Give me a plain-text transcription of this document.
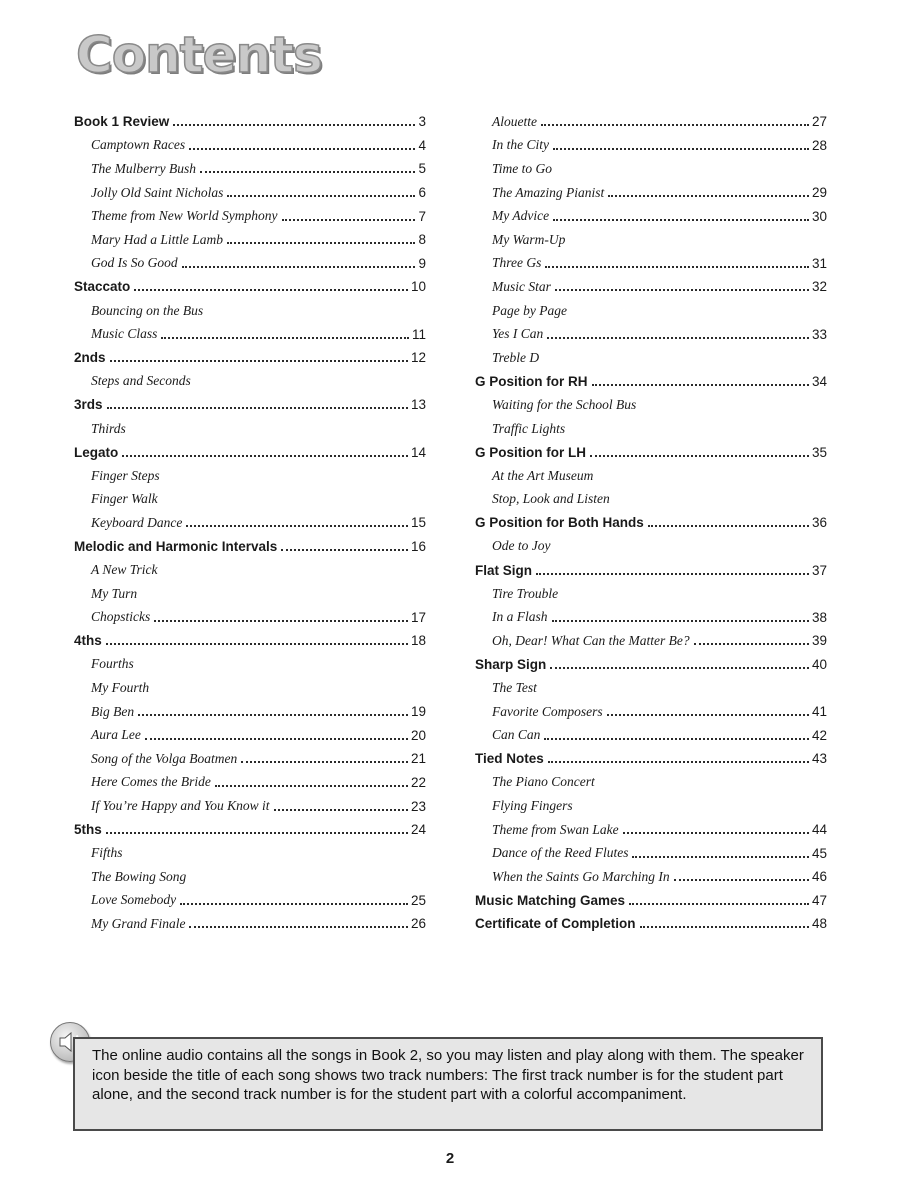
Contents
Book 1 Review	3
Camptown Races	4
The Mulberry Bush	5
Jolly Old Saint Nicholas	6
Theme from New World Symphony	7
Mary Had a Little Lamb	8
God Is So Good	9
Staccato	10
Bouncing on the Bus
Music Class	11
2nds	12
Steps and Seconds
3rds	13
Thirds
Legato	14
Finger Steps
Finger Walk
Keyboard Dance	15
Melodic and Harmonic Intervals	16
A New Trick
My Turn
Chopsticks	17
4ths	18
Fourths
My Fourth
Big Ben	19
Aura Lee	20
Song of the Volga Boatmen	21
Here Comes the Bride	22
If You’re Happy and You Know it	23
5ths	24
Fifths
The Bowing Song
Love Somebody	25
My Grand Finale	26
Alouette	27
In the City	28
Time to Go
The Amazing Pianist	29
My Advice	30
My Warm-Up
Three Gs	31
Music Star	32
Page by Page
Yes I Can	33
Treble D
G Position for RH	34
Waiting for the School Bus
Traffic Lights
G Position for LH	35
At the Art Museum
Stop, Look and Listen
G Position for Both Hands	36
Ode to Joy
Flat Sign	37
Tire Trouble
In a Flash	38
Oh, Dear! What Can the Matter Be?	39
Sharp Sign	40
The Test
Favorite Composers	41
Can Can	42
Tied Notes	43
The Piano Concert
Flying Fingers
Theme from Swan Lake	44
Dance of the Reed Flutes	45
When the Saints Go Marching In	46
Music Matching Games	47
Certificate of Completion	48
The online audio contains all the songs in Book 2, so you may listen and play along with them. The speaker icon beside the title of each song shows two track numbers: The first track number is for the student part alone, and the second track number is for the student part with a colorful accompaniment.
2
